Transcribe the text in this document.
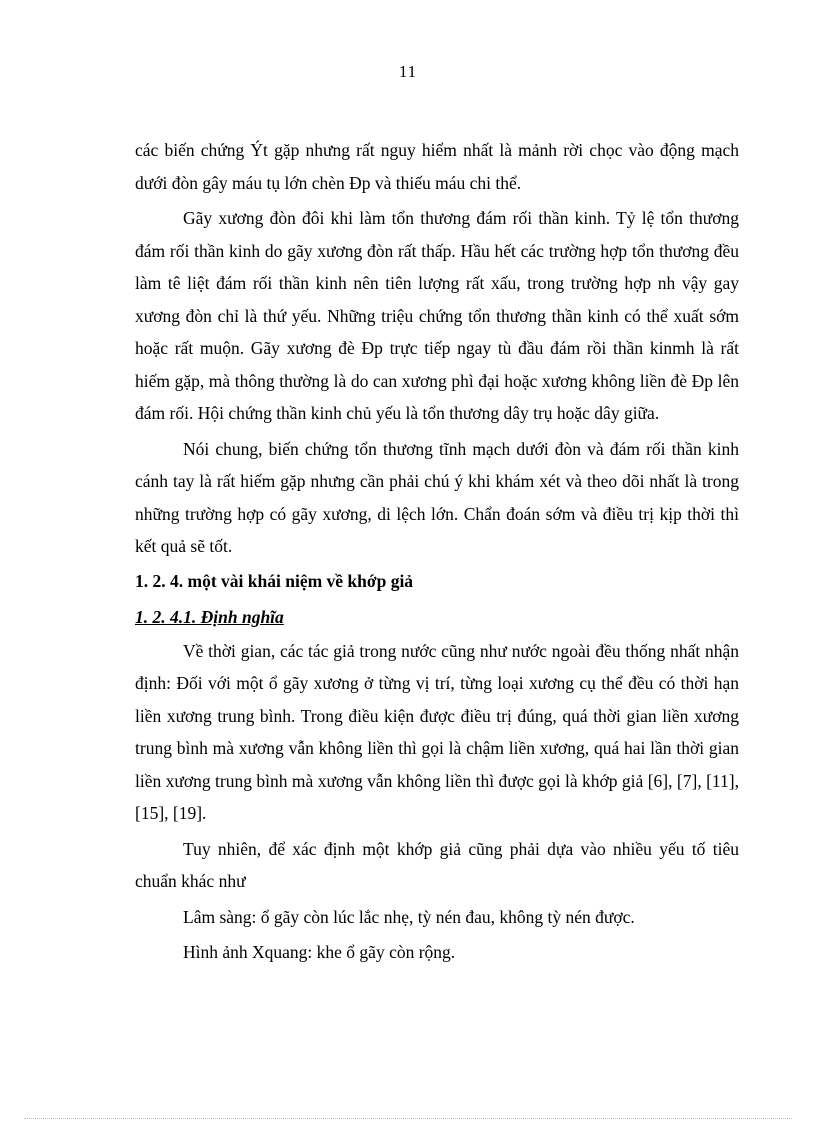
11

các biến chứng Ýt gặp nhưng rất nguy hiểm nhất là mảnh rời chọc vào động mạch dưới đòn gây máu tụ lớn chèn Ðp và thiếu máu chi thể.

Gãy xương đòn đôi khi làm tổn thương đám rối thần kinh. Tỷ lệ tổn thương đám rối thần kinh do gãy xương đòn rất thấp. Hầu hết các trường hợp tổn thương đều làm tê liệt đám rối thần kinh nên tiên lượng rất xấu, trong trường hợp nh vậy gay xương đòn chỉ là thứ yếu. Những triệu chứng tổn thương thần kinh có thể xuất sớm hoặc rất muộn. Gãy xương đè Ðp trực tiếp ngay tù đầu đám rồi thần kinmh là rất hiếm gặp, mà thông thường là do can xương phì đại hoặc xương không liền đè Ðp lên đám rối. Hội chứng thần kinh chủ yếu là tổn thương dây trụ hoặc dây giữa.

Nói chung, biến chứng tổn thương tĩnh mạch dưới đòn và đám rối thần kinh cánh tay là rất hiếm gặp nhưng cần phải chú ý khi khám xét và theo dõi nhất là trong những trường hợp có gãy xương, di lệch lớn. Chẩn đoán sớm và điều trị kịp thời thì kết quả sẽ tốt.

1. 2. 4. một vài khái niệm về khớp giả

1. 2. 4.1. Định nghĩa

Về thời gian, các tác giả trong nước cũng như nước ngoài đều thống nhất nhận định: Đối với một ổ gãy xương ở từng vị trí, từng loại xương cụ thể đều có thời hạn liền xương trung bình. Trong điều kiện được điều trị đúng, quá thời gian liền xương trung bình mà xương vẫn không liền thì gọi là chậm liền xương, quá hai lần thời gian liền xương trung bình mà xương vẫn không liền thì được gọi là khớp giả [6], [7], [11], [15], [19].

Tuy nhiên, để xác định một khớp giả cũng phải dựa vào nhiều yếu tố tiêu chuẩn khác như

Lâm sàng: ổ gãy còn lúc lắc nhẹ, tỳ nén đau, không tỳ nén được.

Hình ảnh Xquang: khe ổ gãy còn rộng.
